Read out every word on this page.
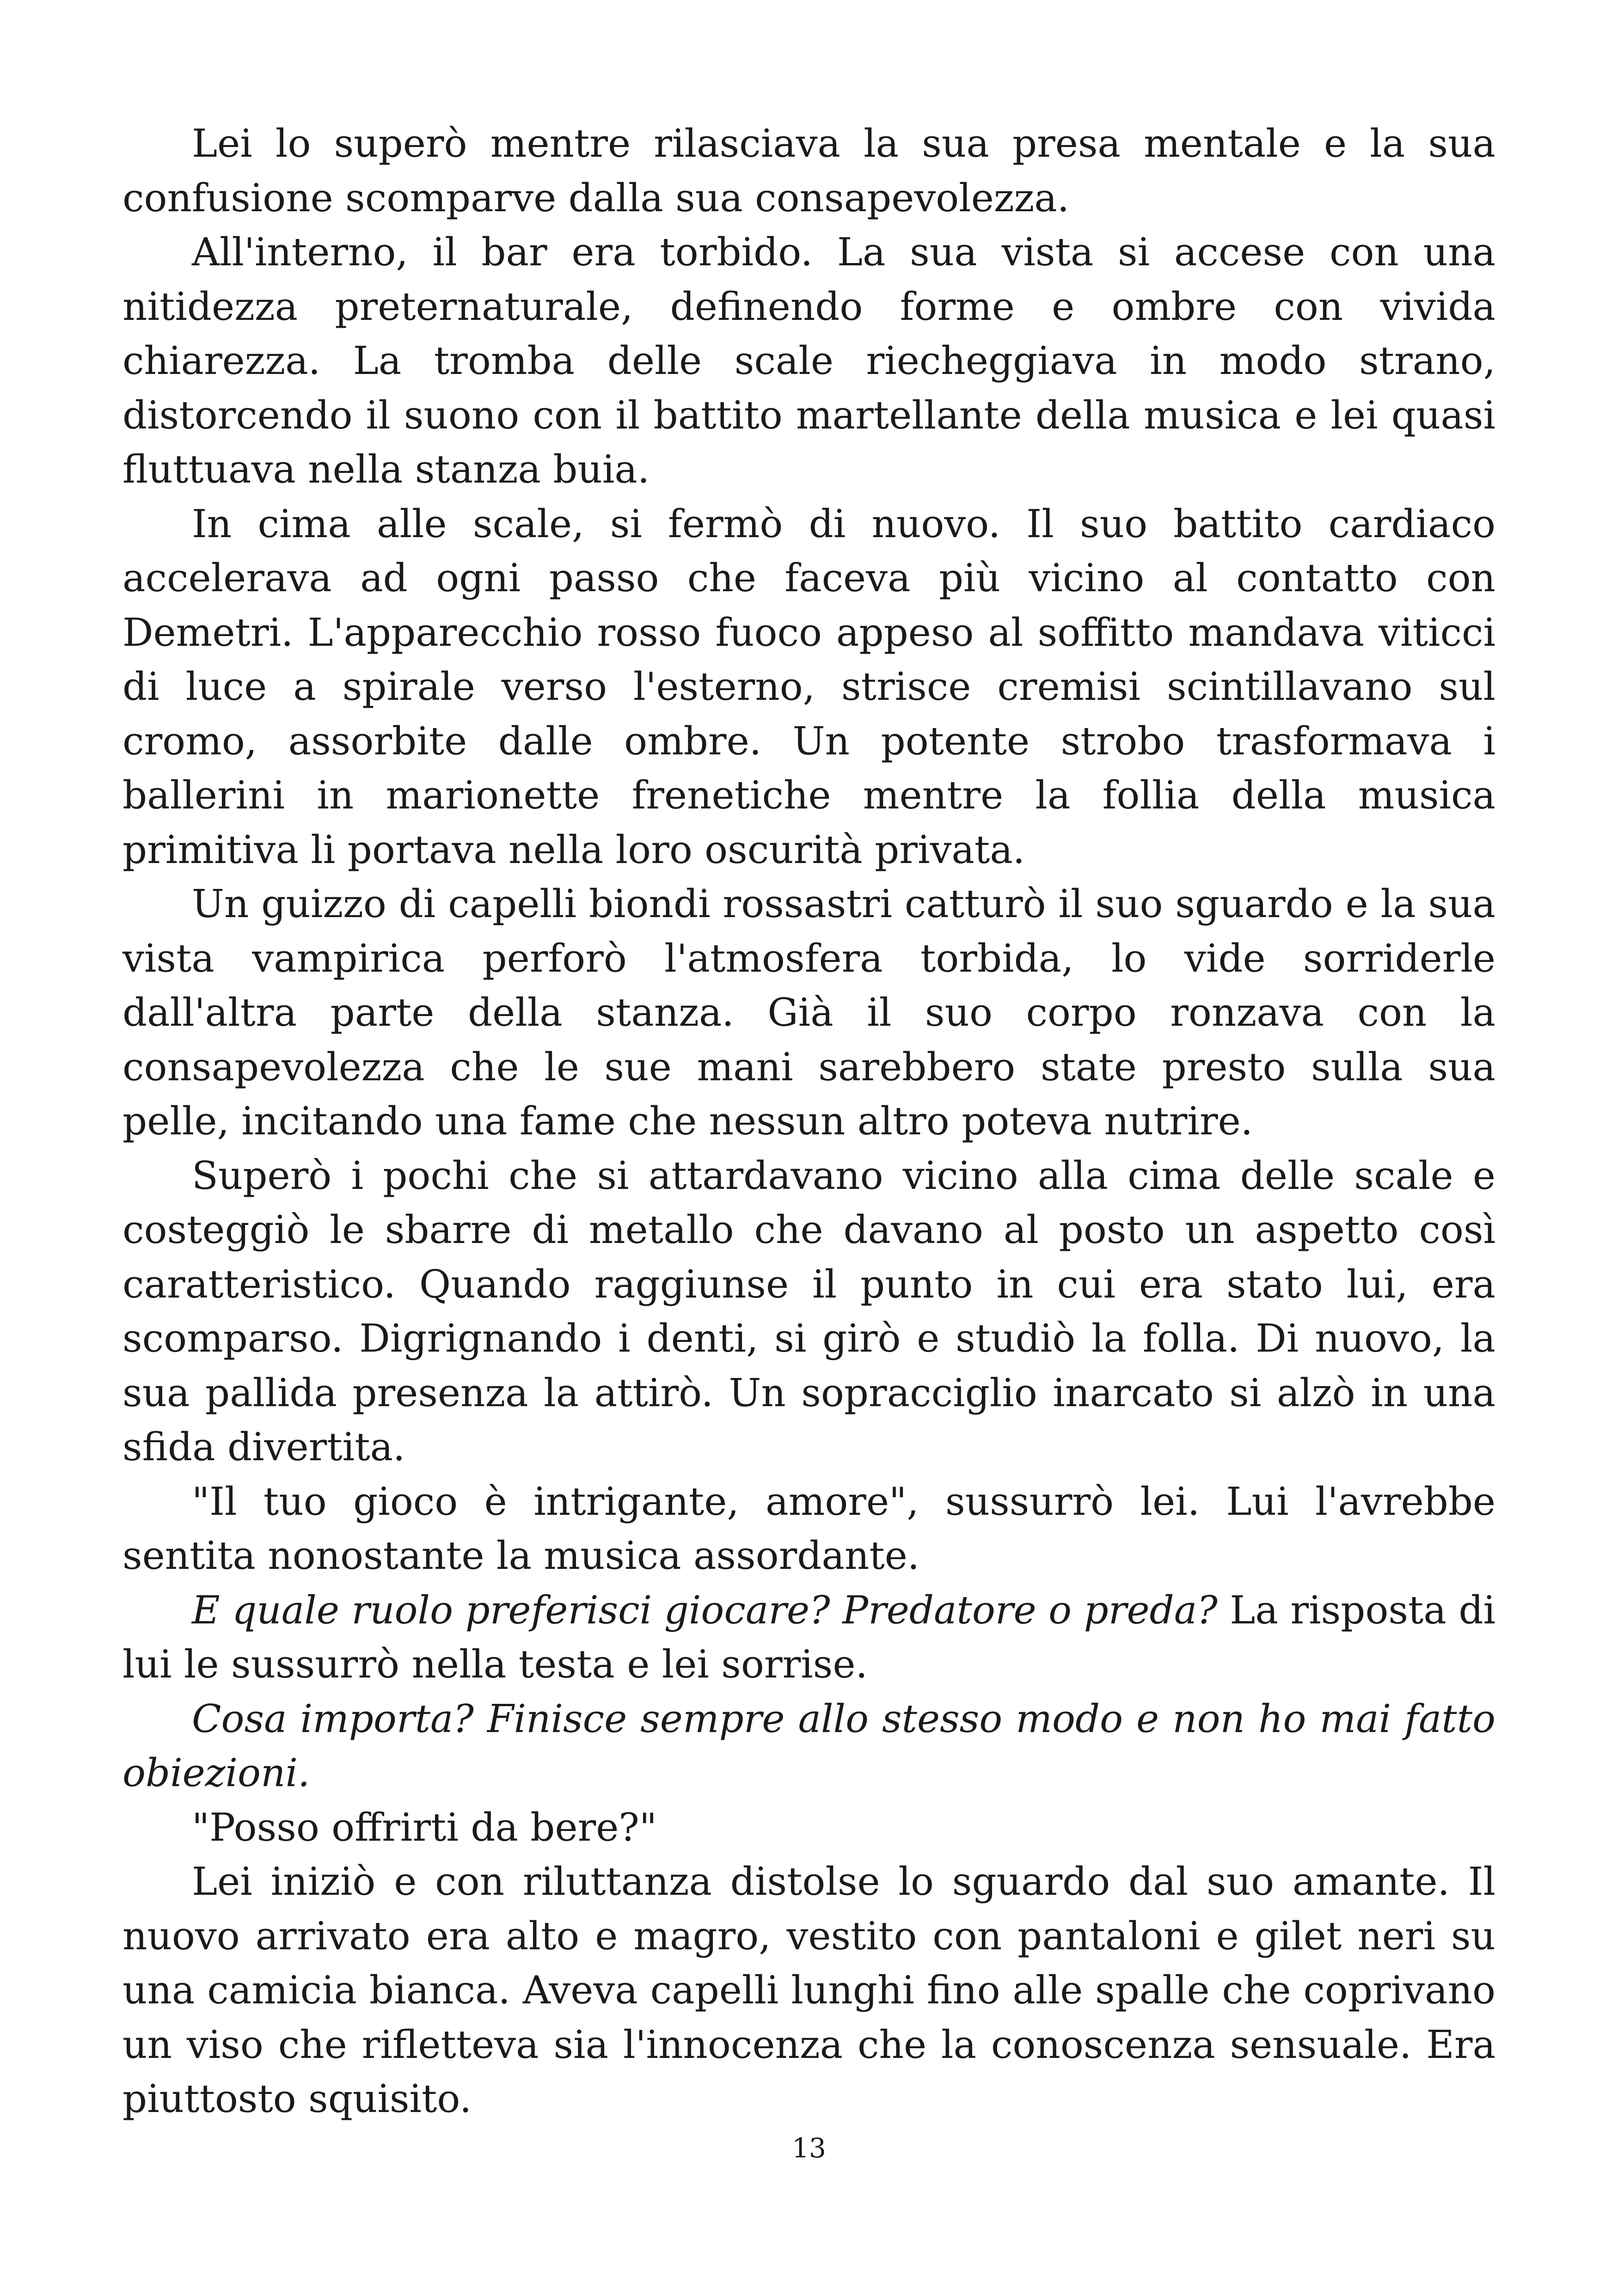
Lei lo superò mentre rilasciava la sua presa mentale e la sua confusione scomparve dalla sua consapevolezza.

All'interno, il bar era torbido. La sua vista si accese con una nitidezza preternaturale, definendo forme e ombre con vivida chiarezza. La tromba delle scale riecheggiava in modo strano, distorcendo il suono con il battito martellante della musica e lei quasi fluttuava nella stanza buia.

In cima alle scale, si fermò di nuovo. Il suo battito cardiaco accelerava ad ogni passo che faceva più vicino al contatto con Demetri. L'apparecchio rosso fuoco appeso al soffitto mandava viticci di luce a spirale verso l'esterno, strisce cremisi scintillavano sul cromo, assorbite dalle ombre. Un potente strobo trasformava i ballerini in marionette frenetiche mentre la follia della musica primitiva li portava nella loro oscurità privata.

Un guizzo di capelli biondi rossastri catturò il suo sguardo e la sua vista vampirica perforò l'atmosfera torbida, lo vide sorriderle dall'altra parte della stanza. Già il suo corpo ronzava con la consapevolezza che le sue mani sarebbero state presto sulla sua pelle, incitando una fame che nessun altro poteva nutrire.

Superò i pochi che si attardavano vicino alla cima delle scale e costeggiò le sbarre di metallo che davano al posto un aspetto così caratteristico. Quando raggiunse il punto in cui era stato lui, era scomparso. Digrignando i denti, si girò e studiò la folla. Di nuovo, la sua pallida presenza la attirò. Un sopracciglio inarcato si alzò in una sfida divertita.

"Il tuo gioco è intrigante, amore", sussurrò lei. Lui l'avrebbe sentita nonostante la musica assordante.

E quale ruolo preferisci giocare? Predatore o preda? La risposta di lui le sussurrò nella testa e lei sorrise.

Cosa importa? Finisce sempre allo stesso modo e non ho mai fatto obiezioni.

"Posso offrirti da bere?"

Lei iniziò e con riluttanza distolse lo sguardo dal suo amante. Il nuovo arrivato era alto e magro, vestito con pantaloni e gilet neri su una camicia bianca. Aveva capelli lunghi fino alle spalle che coprivano un viso che rifletteva sia l'innocenza che la conoscenza sensuale. Era piuttosto squisito.

13
